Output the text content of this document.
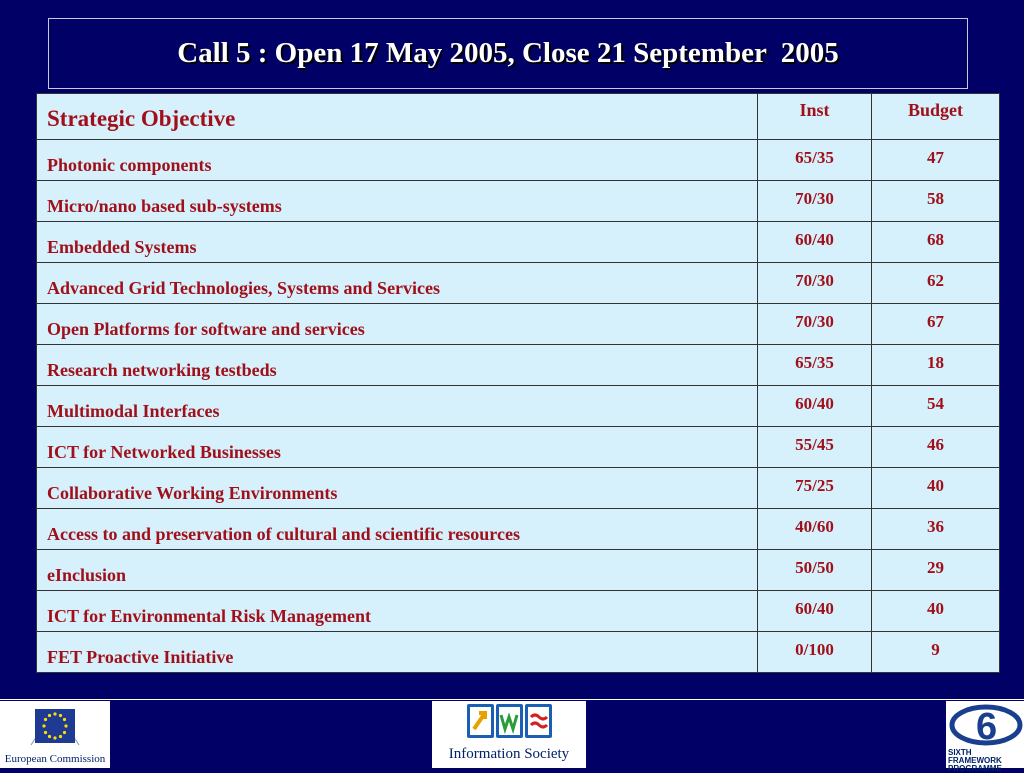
Call 5 : Open 17 May 2005, Close 21 September  2005
Strategic Objective	Inst	Budget
Photonic components	65/35	47
Micro/nano based sub-systems	70/30	58
Embedded Systems	60/40	68
Advanced Grid Technologies, Systems and Services	70/30	62
Open Platforms for software and services	70/30	67
Research networking testbeds	65/35	18
Multimodal Interfaces	60/40	54
ICT for Networked Businesses	55/45	46
Collaborative Working Environments	75/25	40
Access to and preservation of cultural and scientific resources	40/60	36
eInclusion	50/50	29
ICT for Environmental Risk Management	60/40	40
FET Proactive Initiative	0/100	9
European Commission	Information Society
6
SIXTH FRAMEWORK
PROGRAMME
